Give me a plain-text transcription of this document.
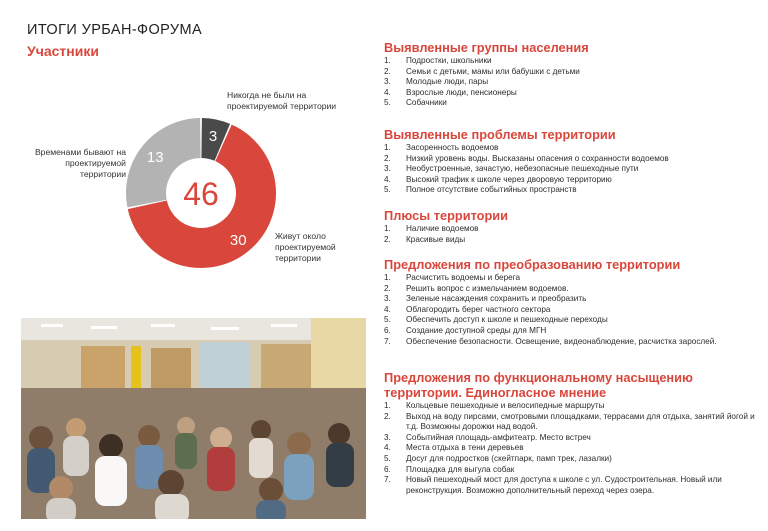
ИТОГИ УРБАН-ФОРУМА
Участники
3
30
13
46
Никогда не были на проектируемой территории
Временами бывают на проектируемой территории
Живут около проектируемой территории
Выявленные группы населения
1. Подростки, школьники
2. Семьи с детьми, мамы или бабушки с детьми
3. Молодые люди, пары
4. Взрослые люди, пенсионеры
5. Собачники
Выявленные проблемы территории
1. Засоренность водоемов
2. Низкий уровень воды. Высказаны опасения о сохранности водоемов
3. Необустроенные, зачастую, небезопасные пешеходные пути
4. Высокий трафик к школе через дворовую территорию
5. Полное отсутствие событийных пространств
Плюсы территории
1. Наличие водоемов
2. Красивые виды
Предложения по преобразованию территории
1. Расчистить водоемы и берега
2. Решить вопрос с измельчанием водоемов.
3. Зеленые насаждения сохранить и преобразить
4. Облагородить берег частного сектора
5. Обеспечить доступ к школе и пешеходные переходы
6. Создание доступной среды для МГН
7. Обеспечение безопасности. Освещение, видеонаблюдение, расчистка зарослей.
Предложения по функциональному насыщению территории. Единогласное мнение
1. Кольцевые пешеходные и велосипедные маршруты
2. Выход на воду пирсами, смотровыми площадками, террасами для отдыха, занятий йогой и т.д. Возможны дорожки над водой.
3. Событийная площадь-амфитеатр. Место встреч
4. Места отдыха в тени деревьев
5. Досуг для подростков (скейтпарк, памп трек, лазалки)
6. Площадка для выгула собак
7. Новый пешеходный мост для доступа к школе с ул. Судостроительная. Новый или реконструкция. Возможно дополнительный переход через озера.
